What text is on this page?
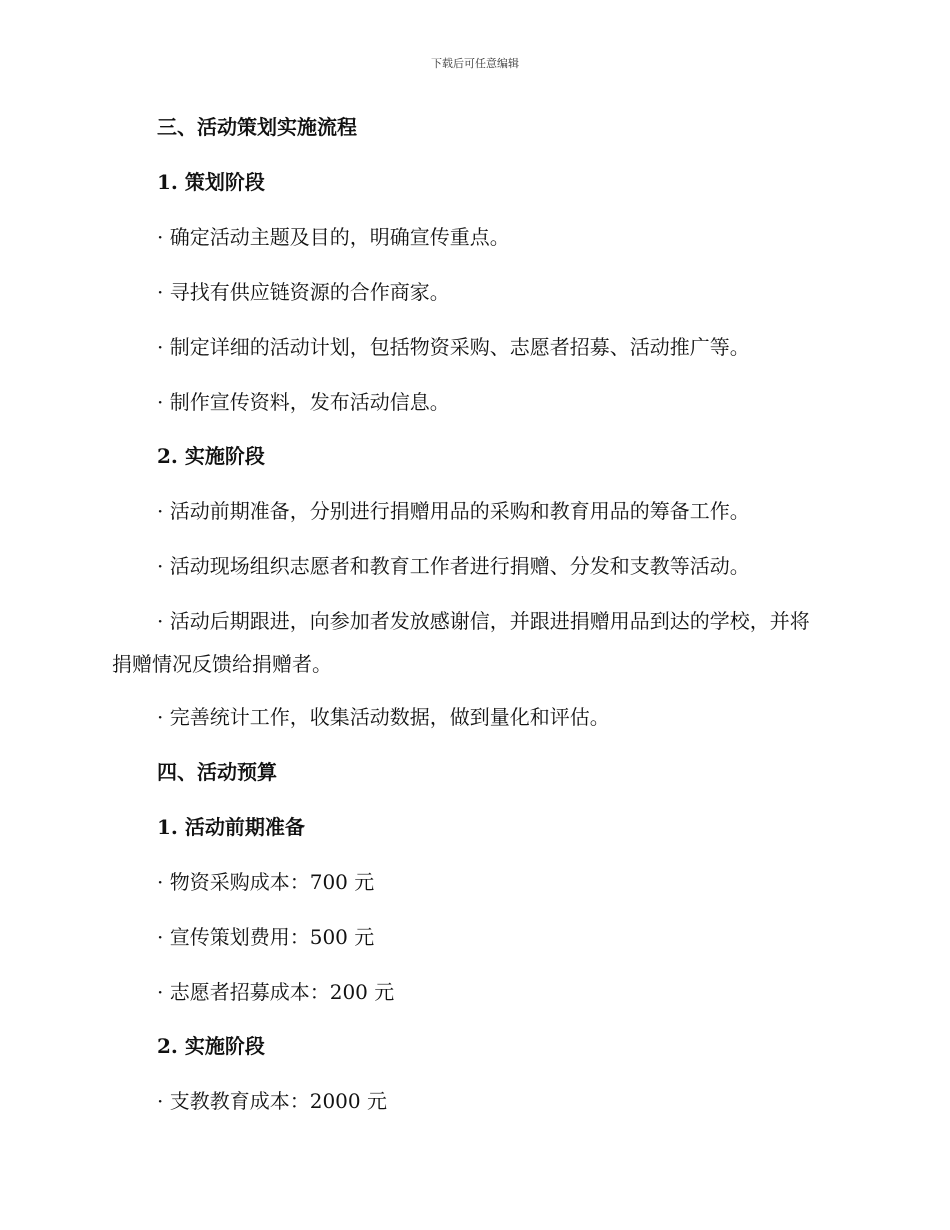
下载后可任意编辑
三、活动策划实施流程
1. 策划阶段
· 确定活动主题及目的，明确宣传重点。
· 寻找有供应链资源的合作商家。
· 制定详细的活动计划，包括物资采购、志愿者招募、活动推广等。
· 制作宣传资料，发布活动信息。
2. 实施阶段
· 活动前期准备，分别进行捐赠用品的采购和教育用品的筹备工作。
· 活动现场组织志愿者和教育工作者进行捐赠、分发和支教等活动。
· 活动后期跟进，向参加者发放感谢信，并跟进捐赠用品到达的学校，并将捐赠情况反馈给捐赠者。
· 完善统计工作，收集活动数据，做到量化和评估。
四、活动预算
1. 活动前期准备
· 物资采购成本：700 元
· 宣传策划费用：500 元
· 志愿者招募成本：200 元
2. 实施阶段
· 支教教育成本：2000 元
